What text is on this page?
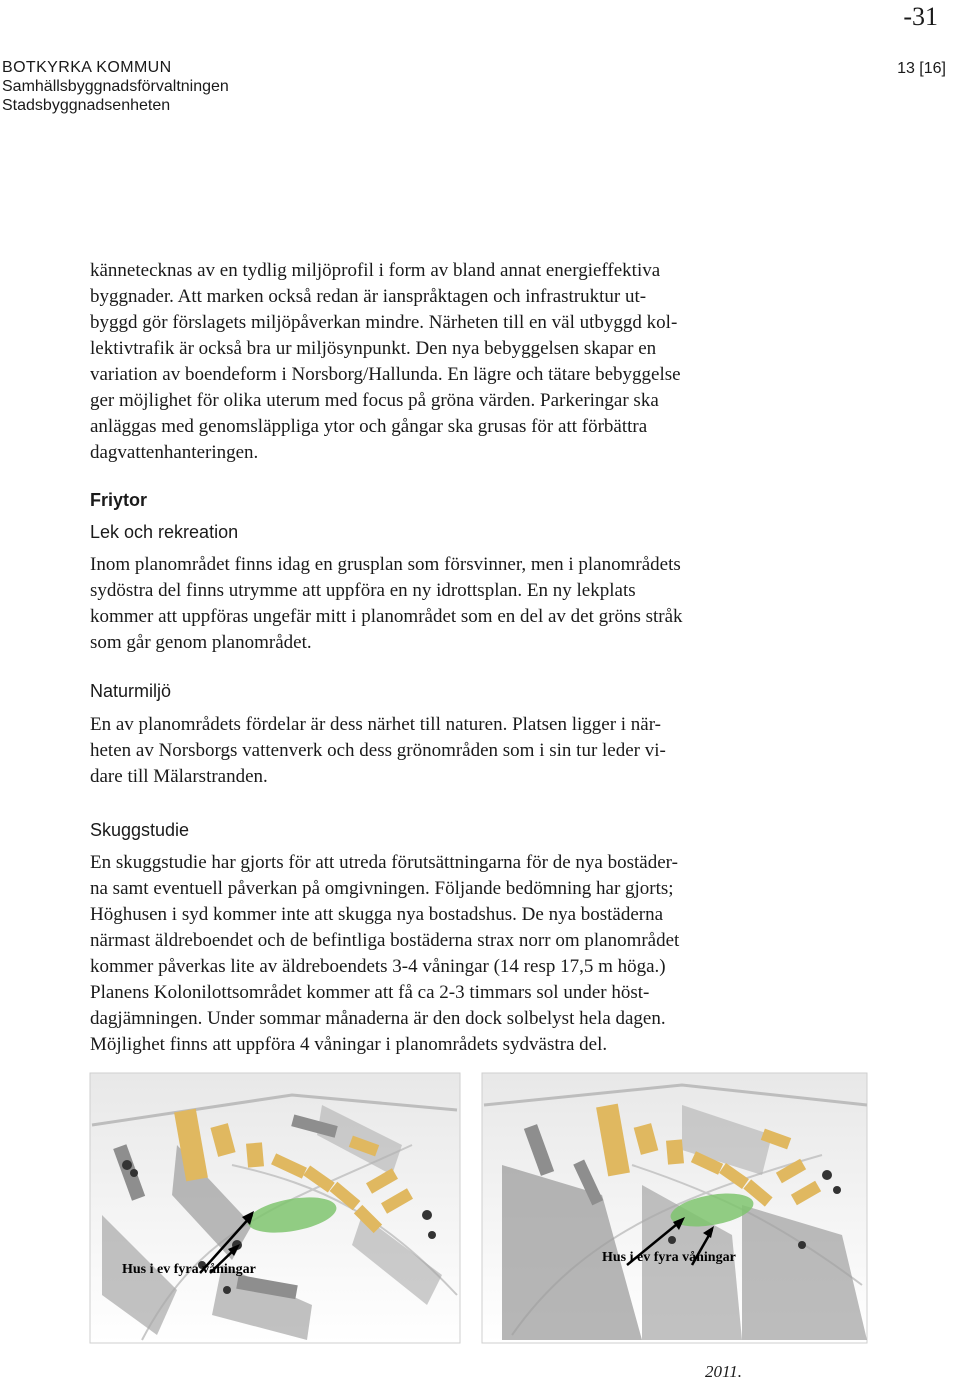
-31
BOTKYRKA KOMMUN
Samhällsbyggnadsförvaltningen
Stadsbyggnadsenheten
13 [16]
kännetecknas av en tydlig miljöprofil i form av bland annat energieffektiva
byggnader. Att marken också redan är ianspråktagen och infrastruktur ut-
byggd gör förslagets miljöpåverkan mindre. Närheten till en väl utbyggd kol-
lektivtrafik är också bra ur miljösynpunkt. Den nya bebyggelsen skapar en
variation av boendeform i Norsborg/Hallunda. En lägre och tätare bebyggelse
ger möjlighet för olika uterum med focus på gröna värden. Parkeringar ska
anläggas med genomsläppliga ytor och gångar ska grusas för att förbättra
dagvattenhanteringen.
Friytor
Lek och rekreation
Inom planområdet finns idag en grusplan som försvinner, men i planområdets
sydöstra del finns utrymme att uppföra en ny idrottsplan. En ny lekplats
kommer att uppföras ungefär mitt i planområdet som en del av det gröns stråk
som går genom planområdet.
Naturmiljö
En av planområdets fördelar är dess närhet till naturen. Platsen ligger i när-
heten av Norsborgs vattenverk och dess grönområden som i sin tur leder vi-
dare till Mälarstranden.
Skuggstudie
En skuggstudie har gjorts för att utreda förutsättningarna för de nya bostäder-
na samt eventuell påverkan på omgivningen. Följande bedömning har gjorts;
Höghusen i syd kommer inte att skugga nya bostadshus. De nya bostäderna
närmast äldreboendet och de befintliga bostäderna strax norr om planområdet
kommer påverkas lite av äldreboendets 3-4 våningar (14 resp 17,5 m höga.)
Planens Kolonilottsområdet kommer att få ca 2-3 timmars sol under höst-
dagjämningen. Under sommar månaderna är den dock solbelyst hela dagen.
Möjlighet finns att uppföra 4 våningar i planområdets sydvästra del.
Hus i ev fyra våningar
Hus i ev fyra våningar
2011.
